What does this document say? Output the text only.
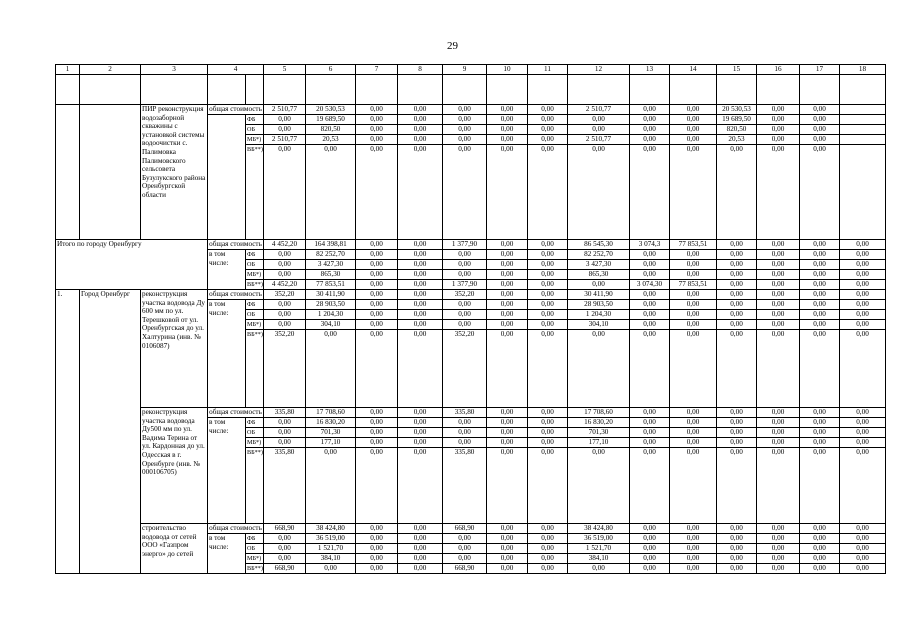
29
1	2	3	4		5	6	7	8	9	10	11	12	13	14	15	16	17	18

		ПИР реконструкция водозаборной скважины с установкой системы водоочистки с. Палимовка Палимовского сельсовета Бузулукского района Оренбургской области	общая стоимость		2 510,77	20 530,53	0,00	0,00	0,00	0,00	0,00	2 510,77	0,00	0,00	20 530,53	0,00	0,00	
				ФБ	0,00	19 689,50	0,00	0,00	0,00	0,00	0,00	0,00	0,00	0,00	19 689,50	0,00	0,00	
				ОБ	0,00	820,50	0,00	0,00	0,00	0,00	0,00	0,00	0,00	0,00	820,50	0,00	0,00	
				МБ*)	2 510,77	20,53	0,00	0,00	0,00	0,00	0,00	2 510,77	0,00	0,00	20,53	0,00	0,00	
				ВБ**)	0,00	0,00	0,00	0,00	0,00	0,00	0,00	0,00	0,00	0,00	0,00	0,00	0,00	
Итого по городу Оренбургу			общая стоимость		4 452,20	164 398,81	0,00	0,00	1 377,90	0,00	0,00	86 545,30	3 074,3	77 853,51	0,00	0,00	0,00	0,00
			в том числе:	ФБ	0,00	82 252,70	0,00	0,00	0,00	0,00	0,00	82 252,70	0,00	0,00	0,00	0,00	0,00	0,00
				ОБ	0,00	3 427,30	0,00	0,00	0,00	0,00	0,00	3 427,30	0,00	0,00	0,00	0,00	0,00	0,00
				МБ*)	0,00	865,30	0,00	0,00	0,00	0,00	0,00	865,30	0,00	0,00	0,00	0,00	0,00	0,00
				ВБ**)	4 452,20	77 853,51	0,00	0,00	1 377,90	0,00	0,00	0,00	3 074,30	77 853,51	0,00	0,00	0,00	0,00
1.	Город Оренбург	реконструкция участка водовода Ду 600 мм по ул. Терешковой от ул. Оренбургская до ул. Халтурина (инв. № 0106087)	общая стоимость		352,20	30 411,90	0,00	0,00	352,20	0,00	0,00	30 411,90	0,00	0,00	0,00	0,00	0,00	0,00
			в том числе:	ФБ	0,00	28 903,50	0,00	0,00	0,00	0,00	0,00	28 903,50	0,00	0,00	0,00	0,00	0,00	0,00
				ОБ	0,00	1 204,30	0,00	0,00	0,00	0,00	0,00	1 204,30	0,00	0,00	0,00	0,00	0,00	0,00
				МБ*)	0,00	304,10	0,00	0,00	0,00	0,00	0,00	304,10	0,00	0,00	0,00	0,00	0,00	0,00
				ВБ**)	352,20	0,00	0,00	0,00	352,20	0,00	0,00	0,00	0,00	0,00	0,00	0,00	0,00	0,00
		реконструкция участка водовода Ду500 мм по ул. Вадима Терина от ул. Кардонная до ул. Одесская в г. Оренбурге (инв. № 000106705)	общая стоимость		335,80	17 708,60	0,00	0,00	335,80	0,00	0,00	17 708,60	0,00	0,00	0,00	0,00	0,00	0,00
			в том числе:	ФБ	0,00	16 830,20	0,00	0,00	0,00	0,00	0,00	16 830,20	0,00	0,00	0,00	0,00	0,00	0,00
				ОБ	0,00	701,30	0,00	0,00	0,00	0,00	0,00	701,30	0,00	0,00	0,00	0,00	0,00	0,00
				МБ*)	0,00	177,10	0,00	0,00	0,00	0,00	0,00	177,10	0,00	0,00	0,00	0,00	0,00	0,00
				ВБ**)	335,80	0,00	0,00	0,00	335,80	0,00	0,00	0,00	0,00	0,00	0,00	0,00	0,00	0,00
		строительство водовода от сетей ООО «Газпром энерго» до сетей	общая стоимость		668,90	38 424,80	0,00	0,00	668,90	0,00	0,00	38 424,80	0,00	0,00	0,00	0,00	0,00	0,00
			в том числе:	ФБ	0,00	36 519,00	0,00	0,00	0,00	0,00	0,00	36 519,00	0,00	0,00	0,00	0,00	0,00	0,00
				ОБ	0,00	1 521,70	0,00	0,00	0,00	0,00	0,00	1 521,70	0,00	0,00	0,00	0,00	0,00	0,00
				МБ*)	0,00	384,10	0,00	0,00	0,00	0,00	0,00	384,10	0,00	0,00	0,00	0,00	0,00	0,00
				ВБ**)	668,90	0,00	0,00	0,00	668,90	0,00	0,00	0,00	0,00	0,00	0,00	0,00	0,00	0,00
